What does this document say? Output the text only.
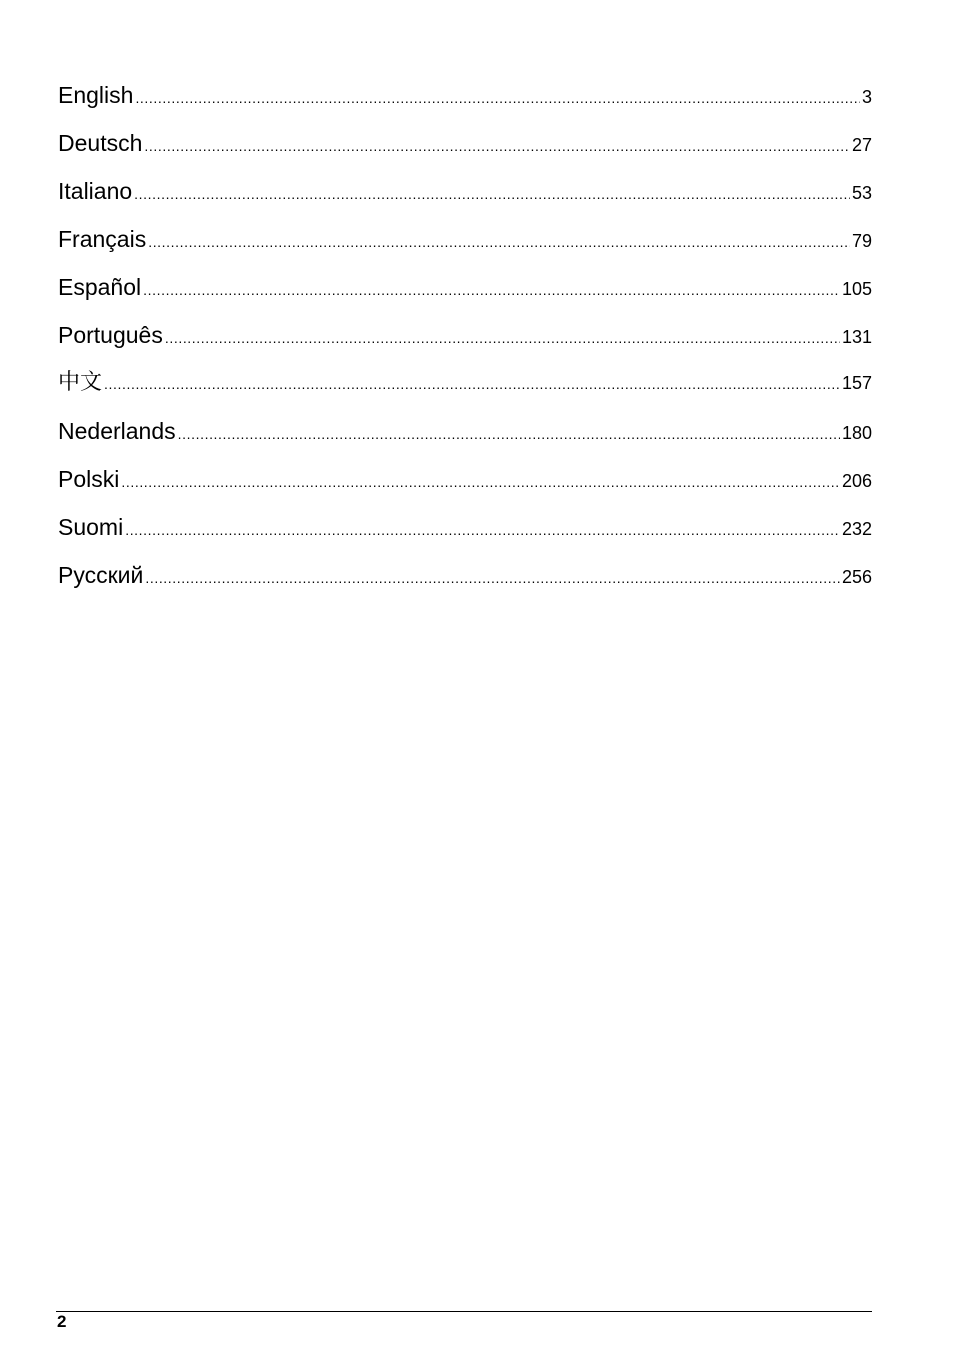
English .....	3
Deutsch .....	27
Italiano .....	53
Français .....	79
Español .....	105
Português .....	131
中文 .....	157
Nederlands .....	180
Polski .....	206
Suomi .....	232
Русский .....	256
2
